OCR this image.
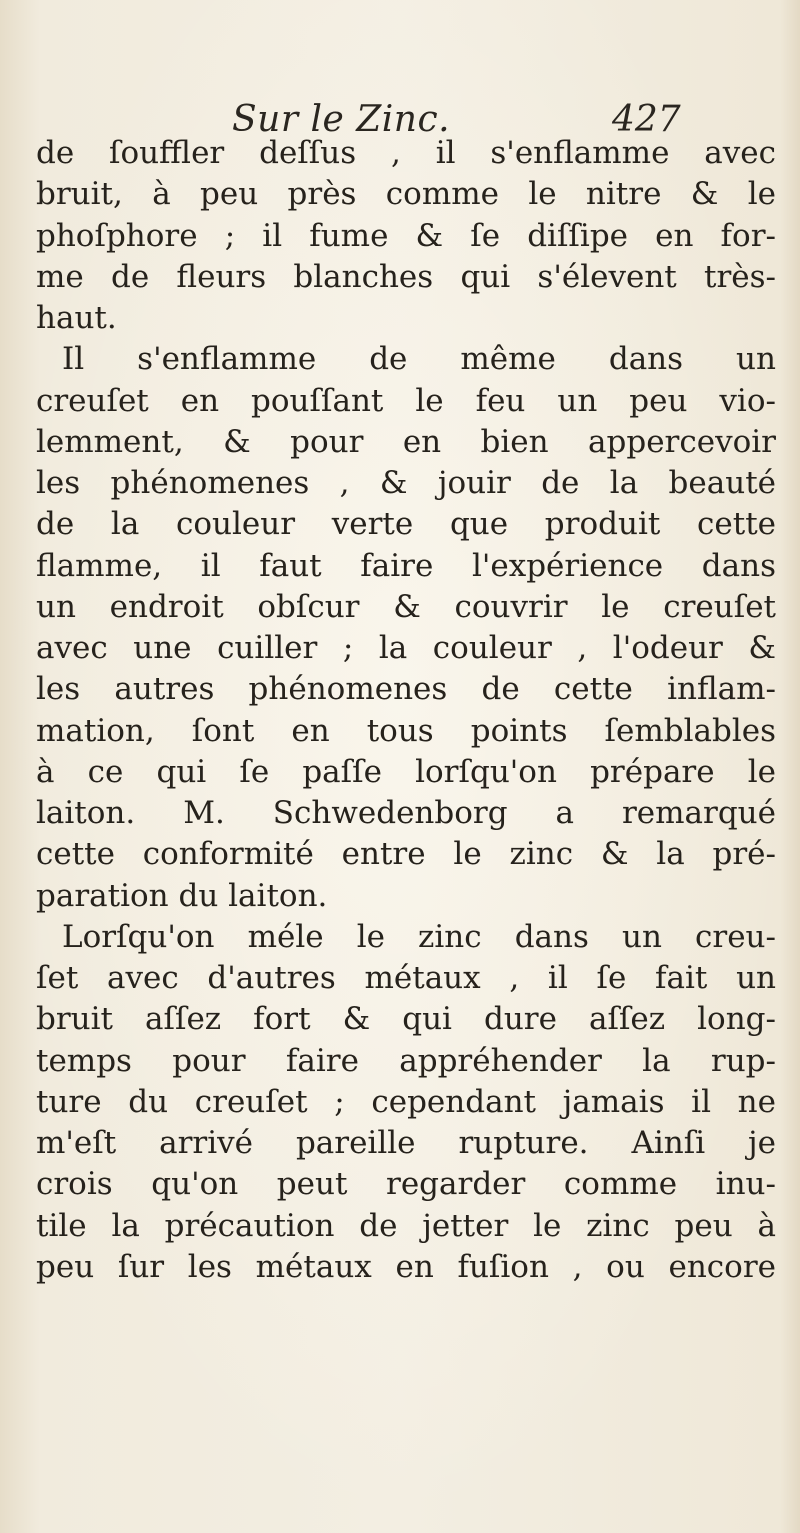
Sur le Zinc.	427
de ſouffler deſſus , il s'enflamme avec
bruit, à peu près comme le nitre & le
phoſphore ; il fume & ſe diſſipe en for-
me de fleurs blanches qui s'élevent très-
haut.
Il s'enflamme de même dans un
creuſet en pouſſant le feu un peu vio-
lemment, & pour en bien appercevoir
les phénomenes , & jouir de la beauté
de la couleur verte que produit cette
flamme, il faut faire l'expérience dans
un endroit obſcur & couvrir le creuſet
avec une cuiller ; la couleur , l'odeur &
les autres phénomenes de cette inflam-
mation, ſont en tous points ſemblables
à ce qui ſe paſſe lorſqu'on prépare le
laiton. M. Schwedenborg a remarqué
cette conformité entre le zinc & la pré-
paration du laiton.
Lorſqu'on méle le zinc dans un creu-
ſet avec d'autres métaux , il ſe fait un
bruit aſſez fort & qui dure aſſez long-
temps pour faire appréhender la rup-
ture du creuſet ; cependant jamais il ne
m'eſt arrivé pareille rupture. Ainſi je
crois qu'on peut regarder comme inu-
tile la précaution de jetter le zinc peu à
peu ſur les métaux en fuſion , ou encore
